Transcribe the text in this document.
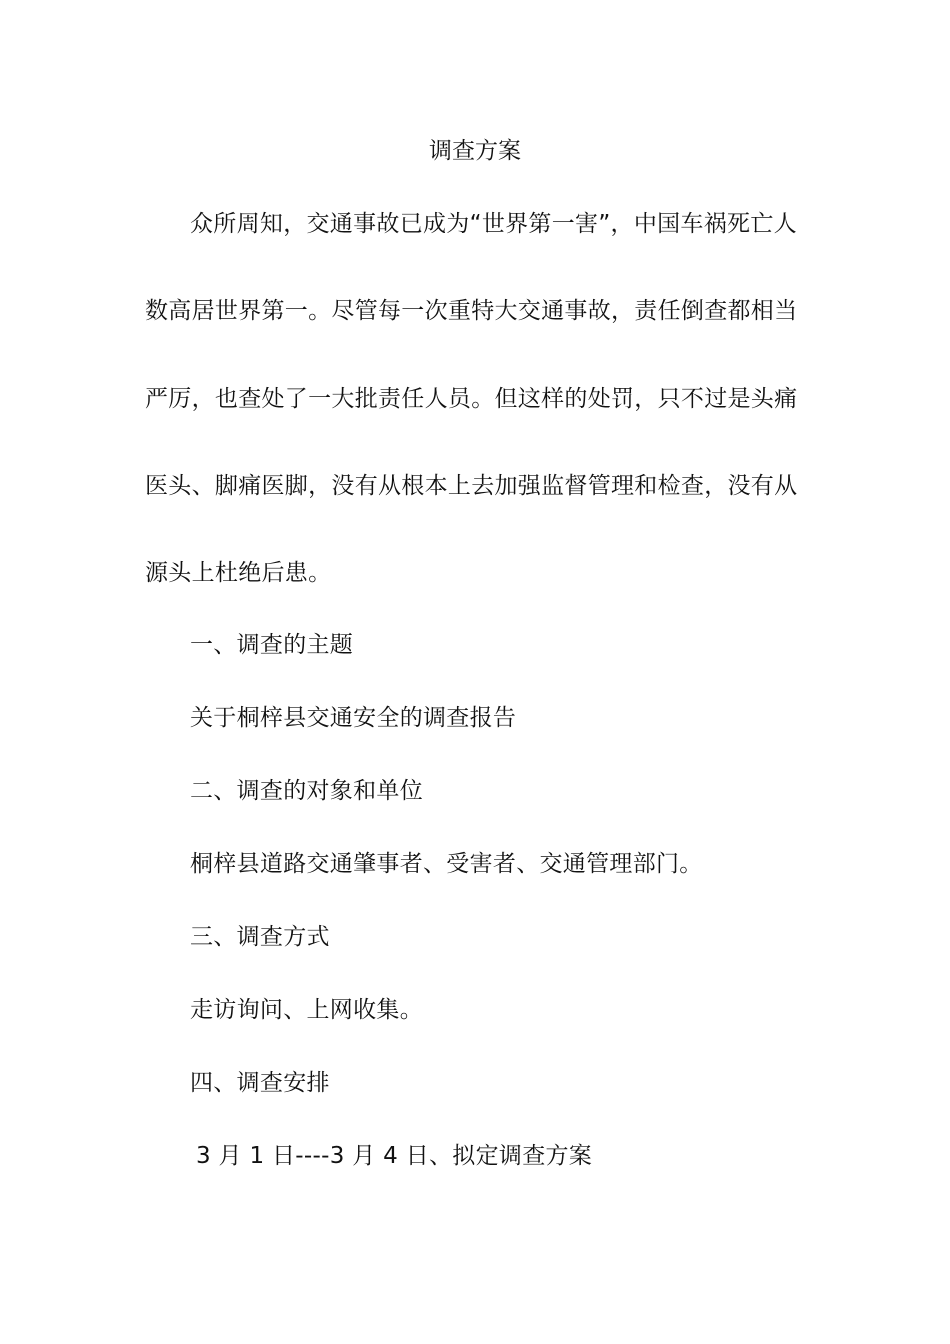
调查方案
众所周知，交通事故已成为“世界第一害”，中国车祸死亡人
数高居世界第一。尽管每一次重特大交通事故，责任倒查都相当
严厉，也查处了一大批责任人员。但这样的处罚，只不过是头痛
医头、脚痛医脚，没有从根本上去加强监督管理和检查，没有从
源头上杜绝后患。
一、调查的主题
关于桐梓县交通安全的调查报告
二、调查的对象和单位
桐梓县道路交通肇事者、受害者、交通管理部门。
三、调查方式
走访询问、上网收集。
四、调查安排
3 月 1 日----3 月 4 日、拟定调查方案
